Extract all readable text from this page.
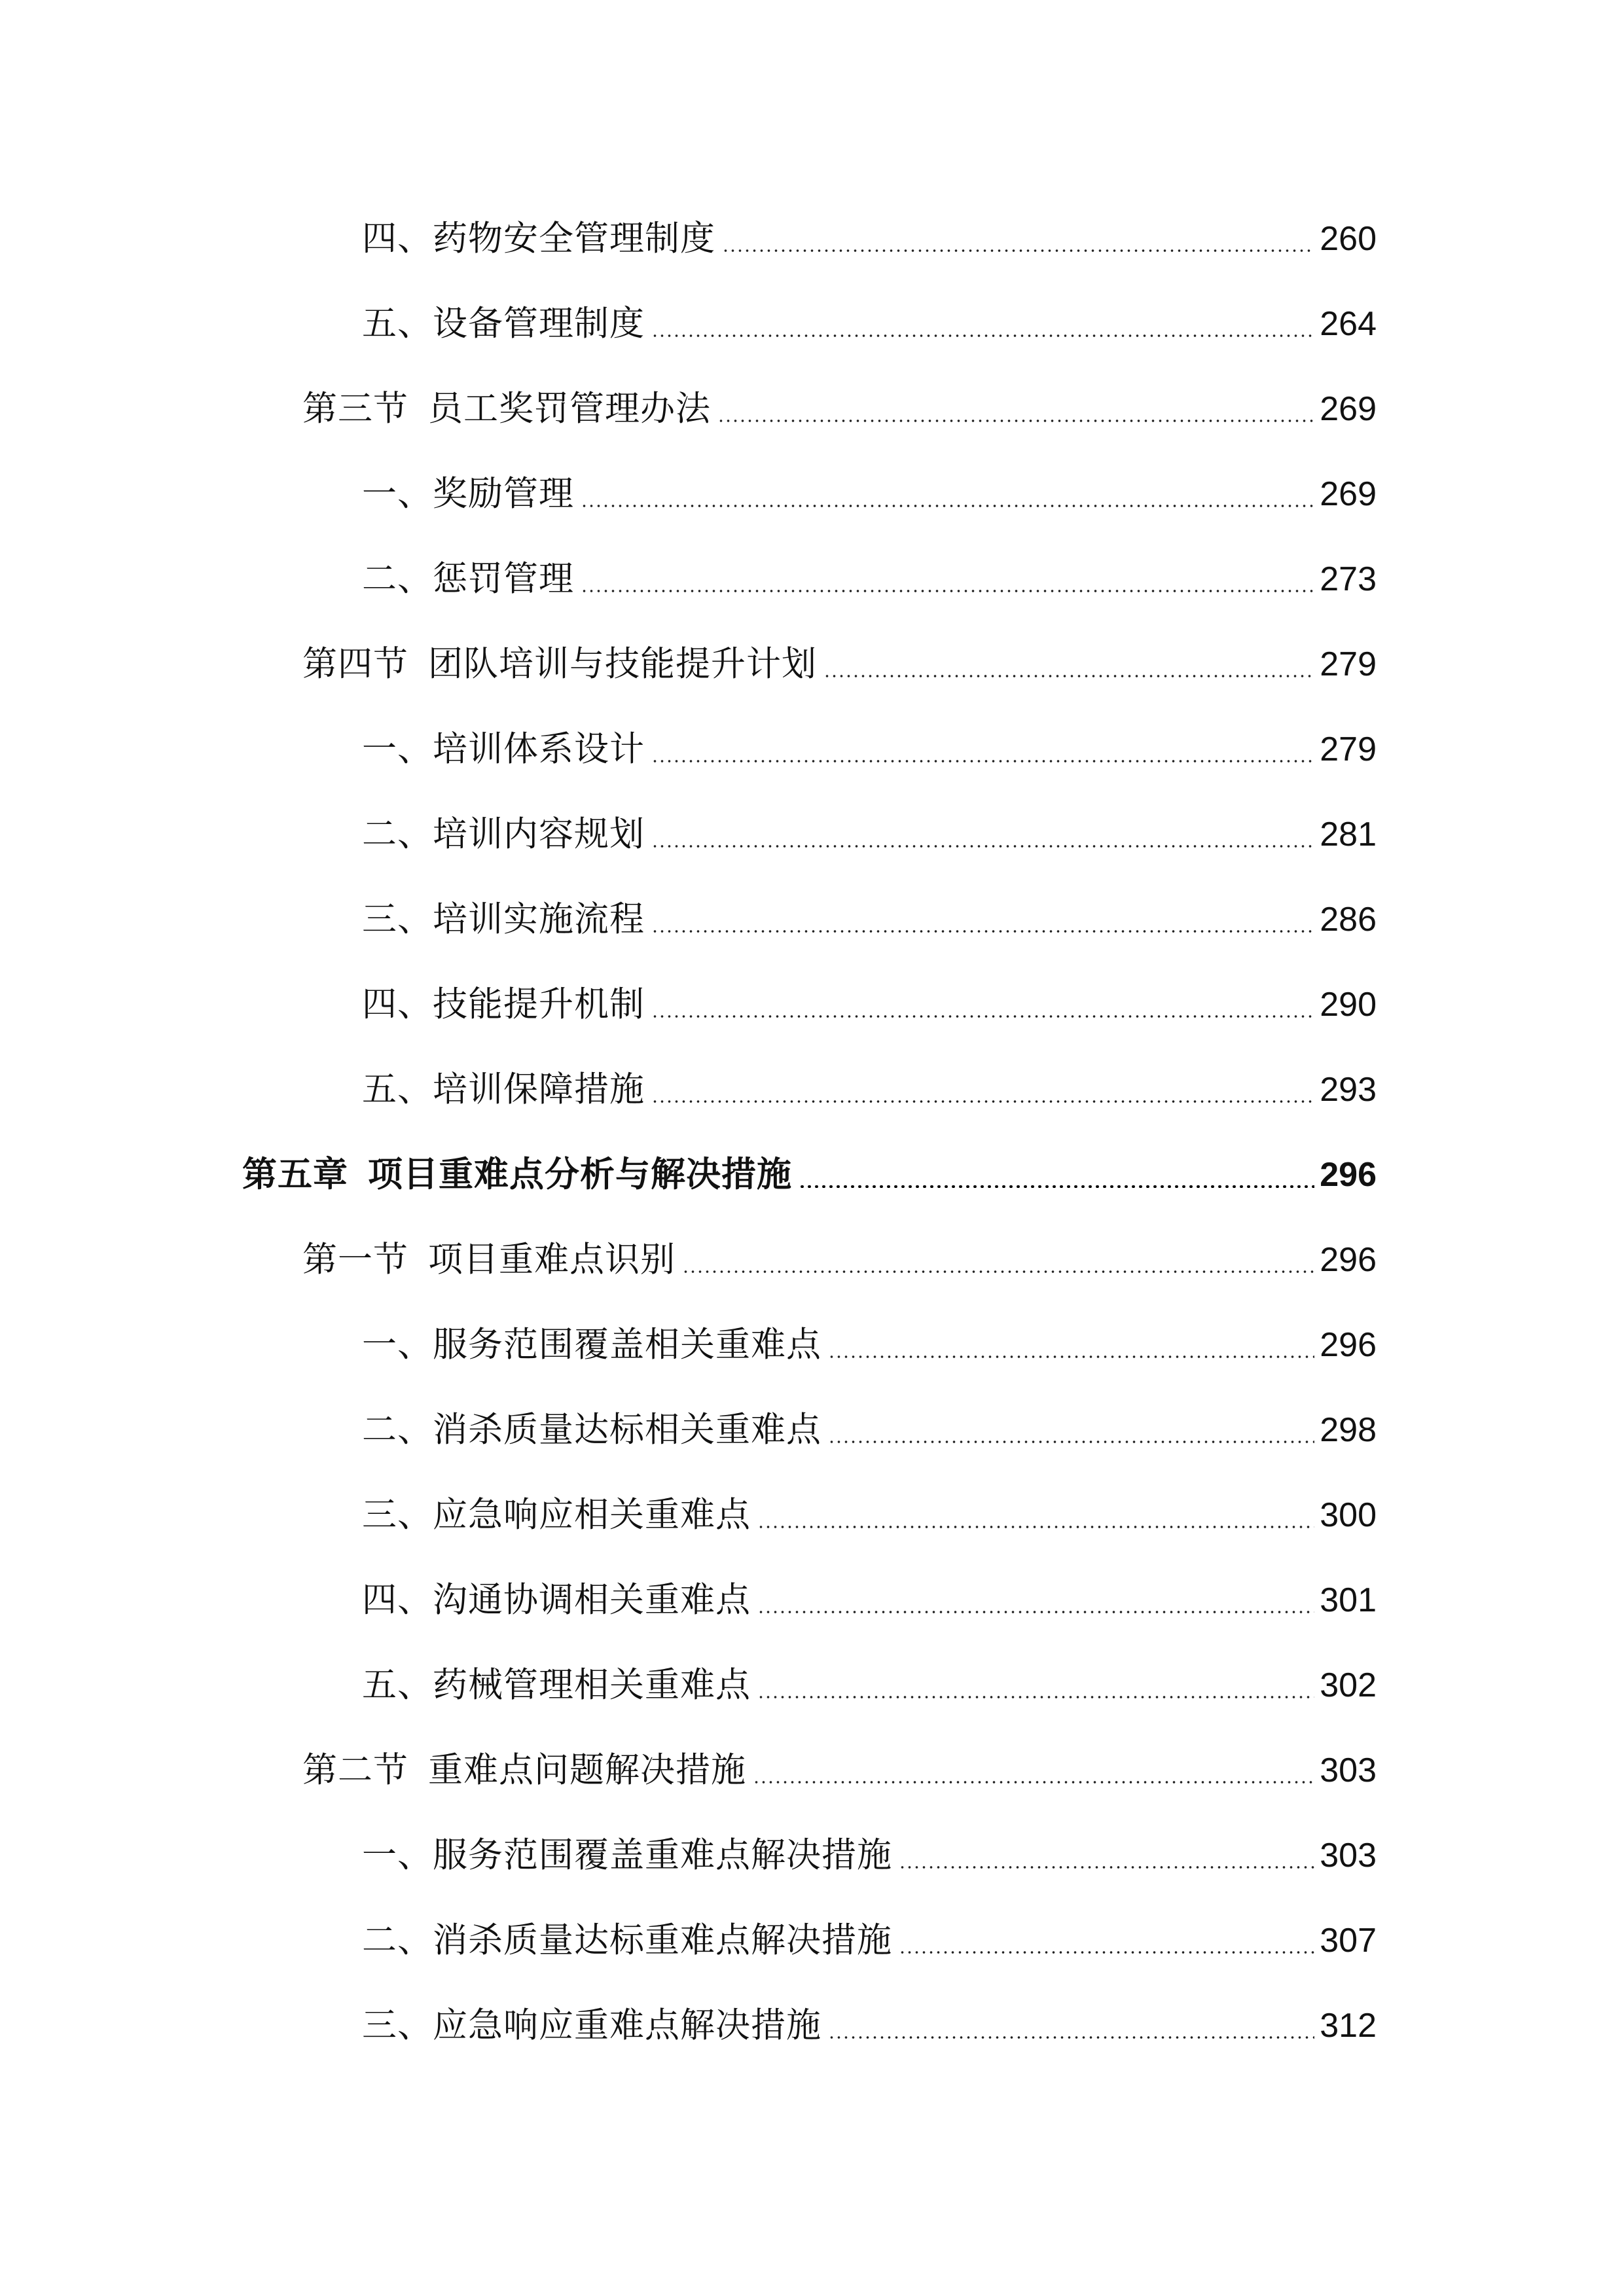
四、药物安全管理制度	260
五、设备管理制度	264
第三节 员工奖罚管理办法	269
一、奖励管理	269
二、惩罚管理	273
第四节 团队培训与技能提升计划	279
一、培训体系设计	279
二、培训内容规划	281
三、培训实施流程	286
四、技能提升机制	290
五、培训保障措施	293
第五章 项目重难点分析与解决措施	296
第一节 项目重难点识别	296
一、服务范围覆盖相关重难点	296
二、消杀质量达标相关重难点	298
三、应急响应相关重难点	300
四、沟通协调相关重难点	301
五、药械管理相关重难点	302
第二节 重难点问题解决措施	303
一、服务范围覆盖重难点解决措施	303
二、消杀质量达标重难点解决措施	307
三、应急响应重难点解决措施	312
